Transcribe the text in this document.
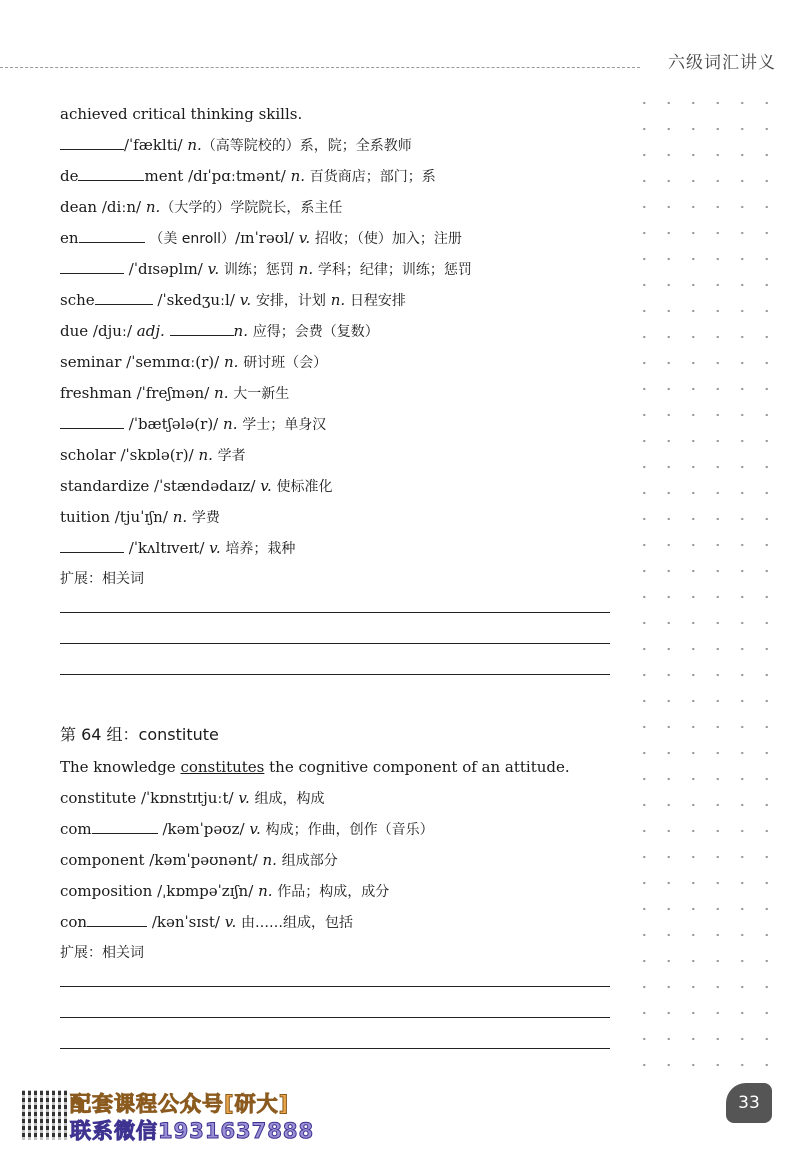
六级词汇讲义
achieved critical thinking skills.
/ˈfæklti/ n.（高等院校的）系，院；全系教师
de	ment /dɪˈpɑːtmənt/ n. 百货商店；部门；系
dean /diːn/ n.（大学的）学院院长，系主任
en	（美 enroll）/ɪnˈrəʊl/ v. 招收；（使）加入；注册
/ˈdɪsəplɪn/ v. 训练；惩罚 n. 学科；纪律；训练；惩罚
sche	/ˈskedʒuːl/ v. 安排，计划 n. 日程安排
due /djuː/ adj.	n. 应得；会费（复数）
seminar /ˈsemɪnɑː(r)/ n. 研讨班（会）
freshman /ˈfreʃmən/ n. 大一新生
/ˈbætʃələ(r)/ n. 学士；单身汉
scholar /ˈskɒlə(r)/ n. 学者
standardize /ˈstændədaɪz/ v. 使标准化
tuition /tjuˈɪʃn/ n. 学费
/ˈkʌltɪveɪt/ v. 培养；栽种
扩展：相关词
第 64 组：constitute
The knowledge constitutes the cognitive component of an attitude.
constitute /ˈkɒnstɪtjuːt/ v. 组成，构成
com	/kəmˈpəʊz/ v. 构成；作曲，创作（音乐）
component /kəmˈpəʊnənt/ n. 组成部分
composition /ˌkɒmpəˈzɪʃn/ n. 作品；构成，成分
con	/kənˈsɪst/ v. 由……组成，包括
扩展：相关词
配套课程公众号[研大]
联系微信1931637888
33
